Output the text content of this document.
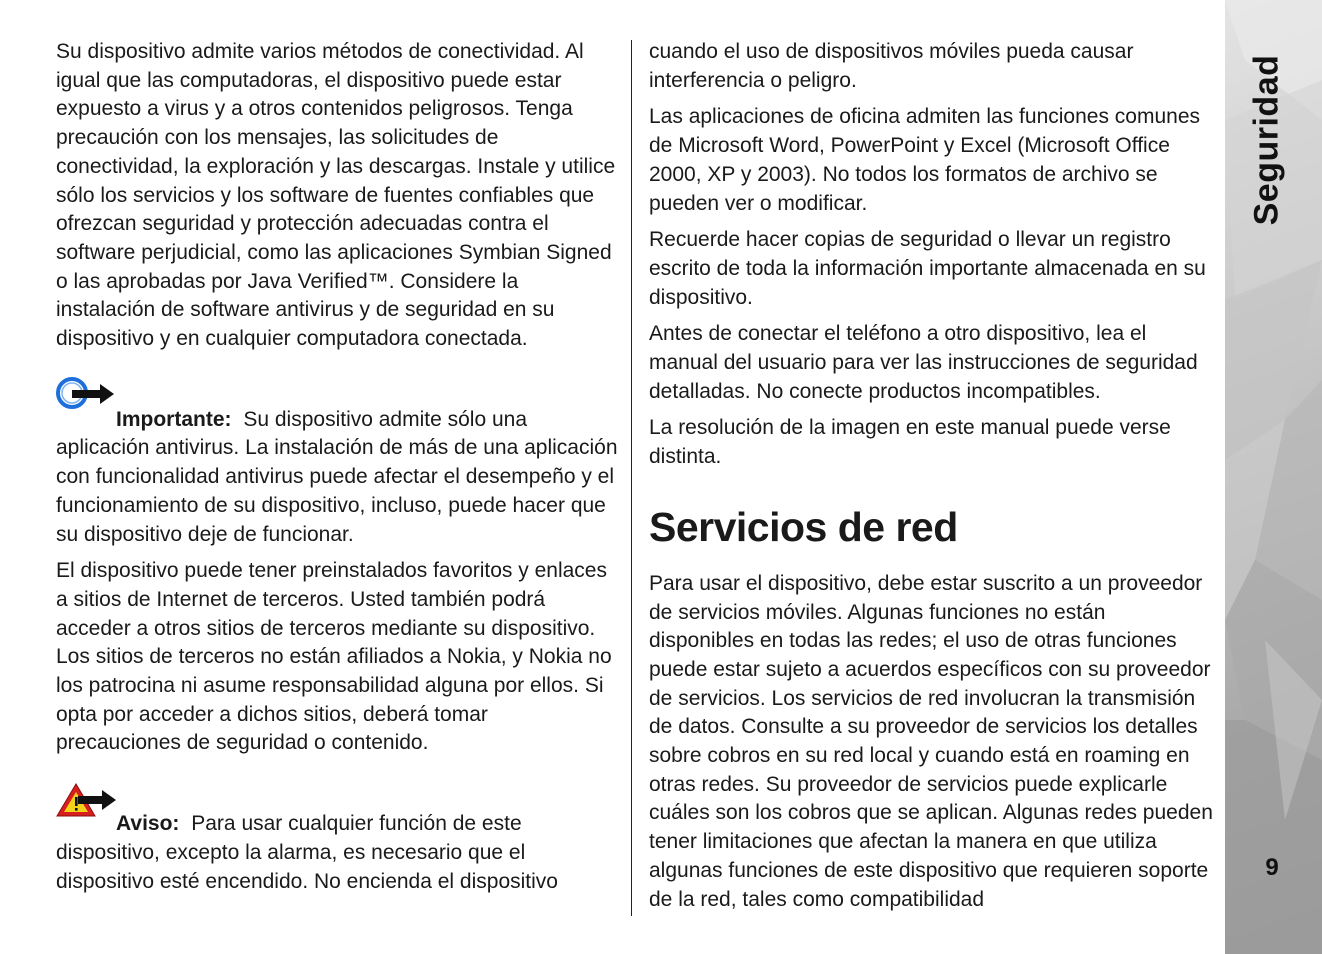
Su dispositivo admite varios métodos de conectividad. Al igual que las computadoras, el dispositivo puede estar expuesto a virus y a otros contenidos peligrosos. Tenga precaución con los mensajes, las solicitudes de conectividad, la exploración y las descargas. Instale y utilice sólo los servicios y los software de fuentes confiables que ofrezcan seguridad y protección adecuadas contra el software perjudicial, como las aplicaciones Symbian Signed o las aprobadas por Java Verified™. Considere la instalación de software antivirus y de seguridad en su dispositivo y en cualquier computadora conectada.

Importante: Su dispositivo admite sólo una aplicación antivirus. La instalación de más de una aplicación con funcionalidad antivirus puede afectar el desempeño y el funcionamiento de su dispositivo, incluso, puede hacer que su dispositivo deje de funcionar.

El dispositivo puede tener preinstalados favoritos y enlaces a sitios de Internet de terceros. Usted también podrá acceder a otros sitios de terceros mediante su dispositivo. Los sitios de terceros no están afiliados a Nokia, y Nokia no los patrocina ni asume responsabilidad alguna por ellos. Si opta por acceder a dichos sitios, deberá tomar precauciones de seguridad o contenido.

Aviso: Para usar cualquier función de este dispositivo, excepto la alarma, es necesario que el dispositivo esté encendido. No encienda el dispositivo

cuando el uso de dispositivos móviles pueda causar interferencia o peligro.

Las aplicaciones de oficina admiten las funciones comunes de Microsoft Word, PowerPoint y Excel (Microsoft Office 2000, XP y 2003). No todos los formatos de archivo se pueden ver o modificar.

Recuerde hacer copias de seguridad o llevar un registro escrito de toda la información importante almacenada en su dispositivo.

Antes de conectar el teléfono a otro dispositivo, lea el manual del usuario para ver las instrucciones de seguridad detalladas. No conecte productos incompatibles.

La resolución de la imagen en este manual puede verse distinta.

Servicios de red

Para usar el dispositivo, debe estar suscrito a un proveedor de servicios móviles. Algunas funciones no están disponibles en todas las redes; el uso de otras funciones puede estar sujeto a acuerdos específicos con su proveedor de servicios. Los servicios de red involucran la transmisión de datos. Consulte a su proveedor de servicios los detalles sobre cobros en su red local y cuando está en roaming en otras redes. Su proveedor de servicios puede explicarle cuáles son los cobros que se aplican. Algunas redes pueden tener limitaciones que afectan la manera en que utiliza algunas funciones de este dispositivo que requieren soporte de la red, tales como compatibilidad

Seguridad
9
